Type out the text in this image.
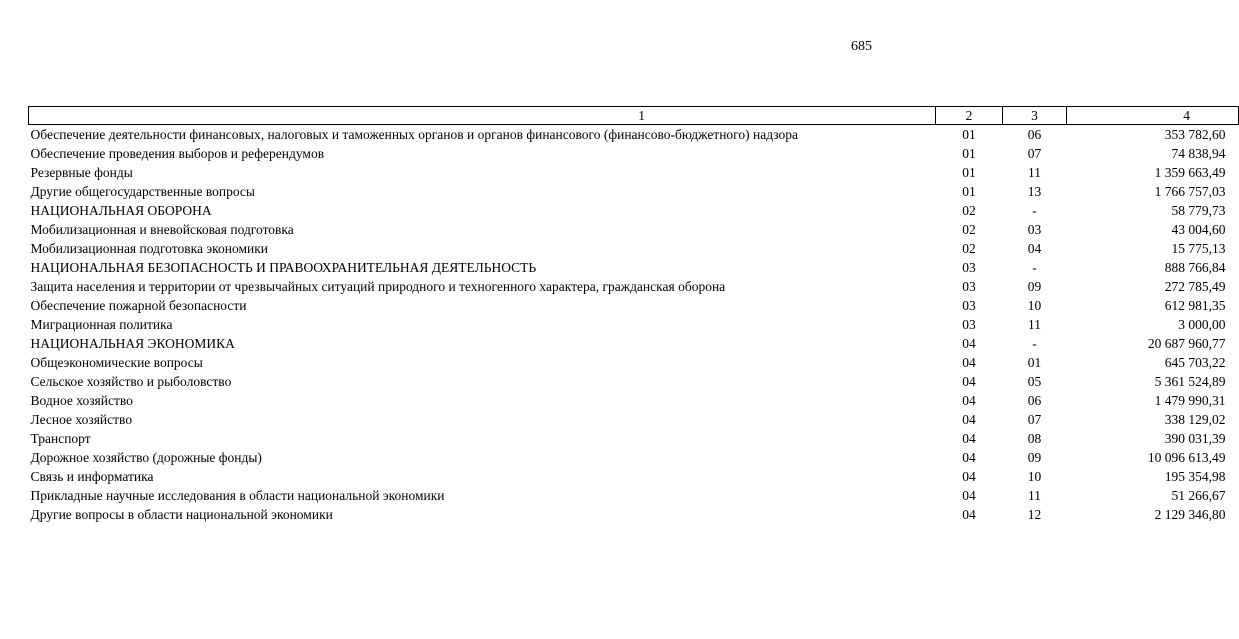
685
1	2	3	4
Обеспечение деятельности финансовых, налоговых и таможенных органов и органов финансового (финансово-бюджетного) надзора	01	06	353 782,60
Обеспечение проведения выборов и референдумов	01	07	74 838,94
Резервные фонды	01	11	1 359 663,49
Другие общегосударственные вопросы	01	13	1 766 757,03
НАЦИОНАЛЬНАЯ ОБОРОНА	02	-	58 779,73
Мобилизационная и вневойсковая подготовка	02	03	43 004,60
Мобилизационная подготовка экономики	02	04	15 775,13
НАЦИОНАЛЬНАЯ БЕЗОПАСНОСТЬ И ПРАВООХРАНИТЕЛЬНАЯ ДЕЯТЕЛЬНОСТЬ	03	-	888 766,84
Защита населения и территории от чрезвычайных ситуаций природного и техногенного характера, гражданская оборона	03	09	272 785,49
Обеспечение пожарной безопасности	03	10	612 981,35
Миграционная политика	03	11	3 000,00
НАЦИОНАЛЬНАЯ ЭКОНОМИКА	04	-	20 687 960,77
Общеэкономические вопросы	04	01	645 703,22
Сельское хозяйство и рыболовство	04	05	5 361 524,89
Водное хозяйство	04	06	1 479 990,31
Лесное хозяйство	04	07	338 129,02
Транспорт	04	08	390 031,39
Дорожное хозяйство (дорожные фонды)	04	09	10 096 613,49
Связь и информатика	04	10	195 354,98
Прикладные научные исследования в области национальной экономики	04	11	51 266,67
Другие вопросы в области национальной экономики	04	12	2 129 346,80
